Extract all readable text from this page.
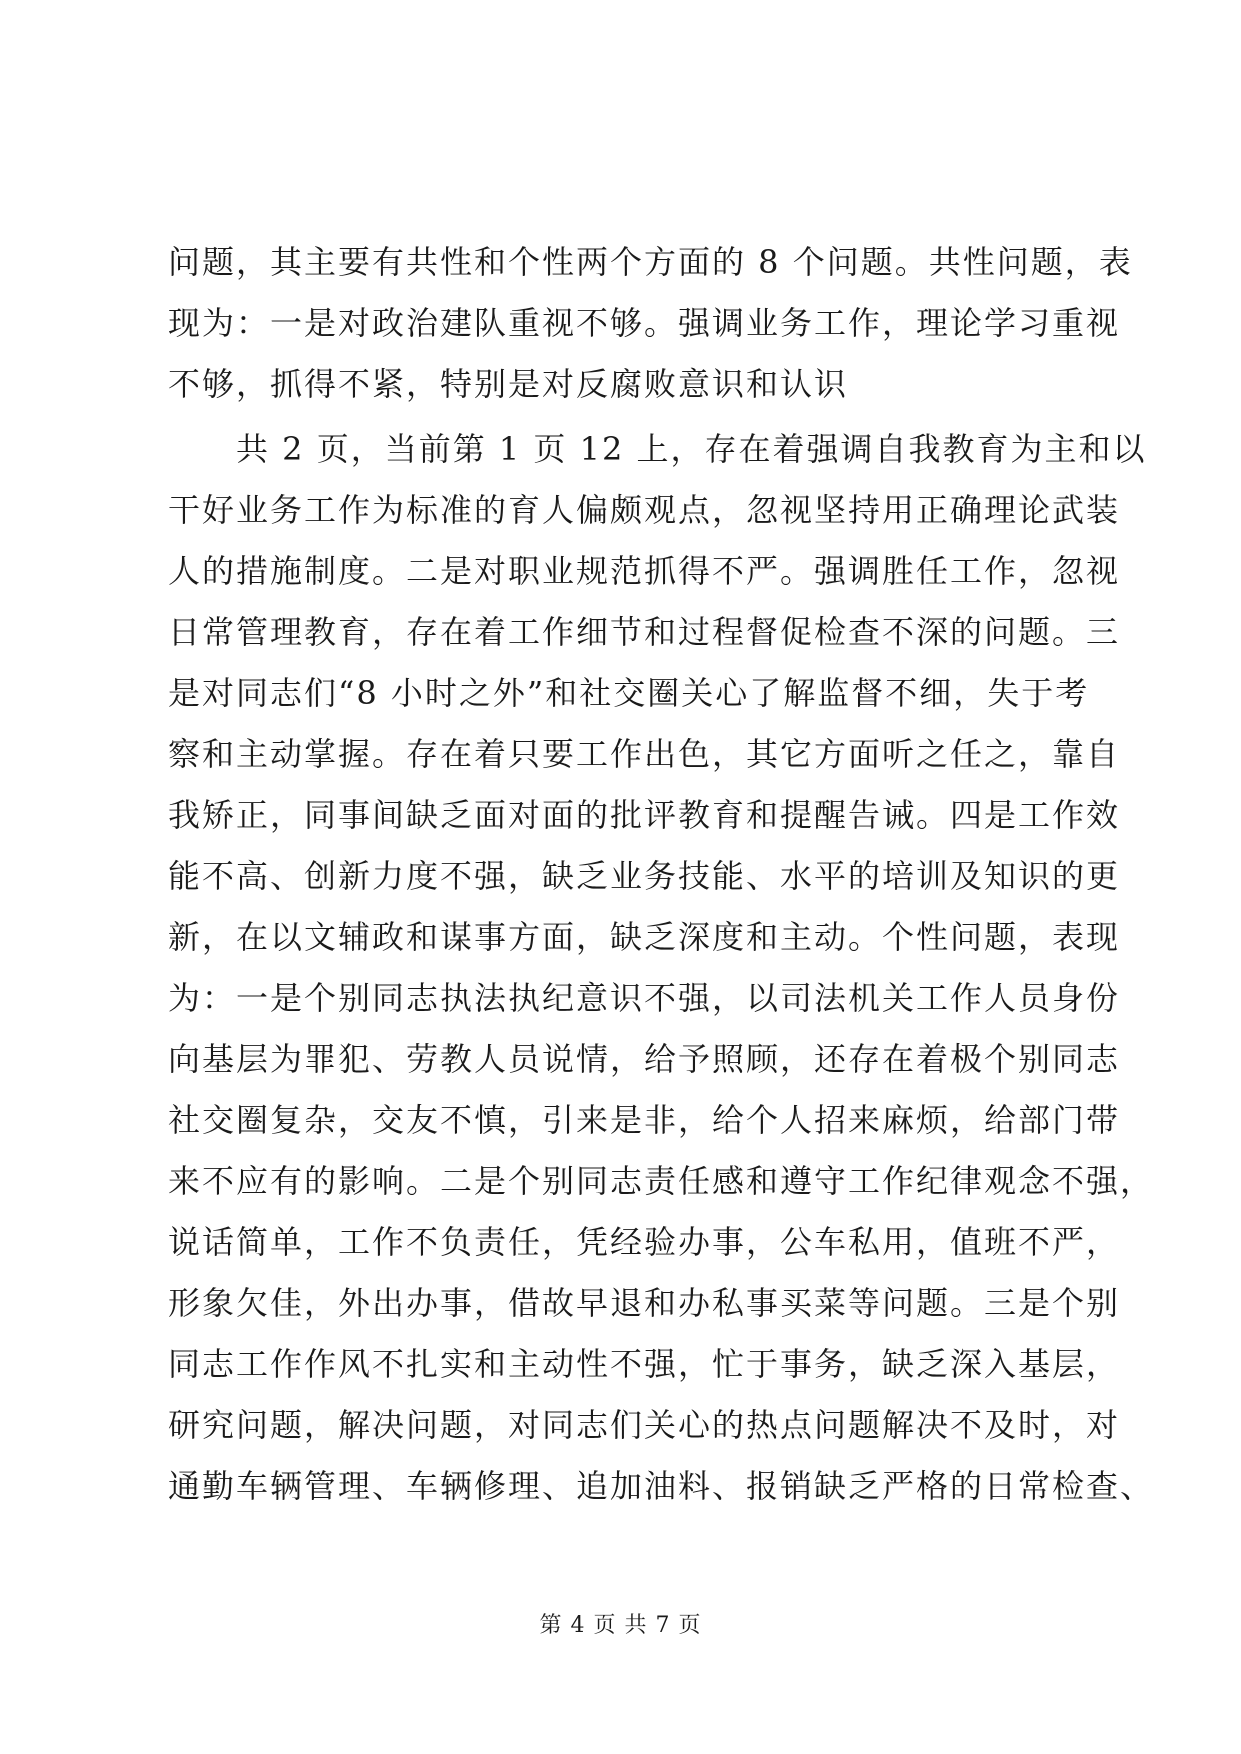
问题，其主要有共性和个性两个方面的 8 个问题。共性问题，表
现为：一是对政治建队重视不够。强调业务工作，理论学习重视
不够，抓得不紧，特别是对反腐败意识和认识
　　共 2 页，当前第 1 页 12 上，存在着强调自我教育为主和以
干好业务工作为标准的育人偏颇观点，忽视坚持用正确理论武装
人的措施制度。二是对职业规范抓得不严。强调胜任工作，忽视
日常管理教育，存在着工作细节和过程督促检查不深的问题。三
是对同志们“8 小时之外”和社交圈关心了解监督不细，失于考
察和主动掌握。存在着只要工作出色，其它方面听之任之，靠自
我矫正，同事间缺乏面对面的批评教育和提醒告诫。四是工作效
能不高、创新力度不强，缺乏业务技能、水平的培训及知识的更
新，在以文辅政和谋事方面，缺乏深度和主动。个性问题，表现
为：一是个别同志执法执纪意识不强，以司法机关工作人员身份
向基层为罪犯、劳教人员说情，给予照顾，还存在着极个别同志
社交圈复杂，交友不慎，引来是非，给个人招来麻烦，给部门带
来不应有的影响。二是个别同志责任感和遵守工作纪律观念不强，
说话简单，工作不负责任，凭经验办事，公车私用，值班不严，
形象欠佳，外出办事，借故早退和办私事买菜等问题。三是个别
同志工作作风不扎实和主动性不强，忙于事务，缺乏深入基层，
研究问题，解决问题，对同志们关心的热点问题解决不及时，对
通勤车辆管理、车辆修理、追加油料、报销缺乏严格的日常检查、
第 4 页 共 7 页
